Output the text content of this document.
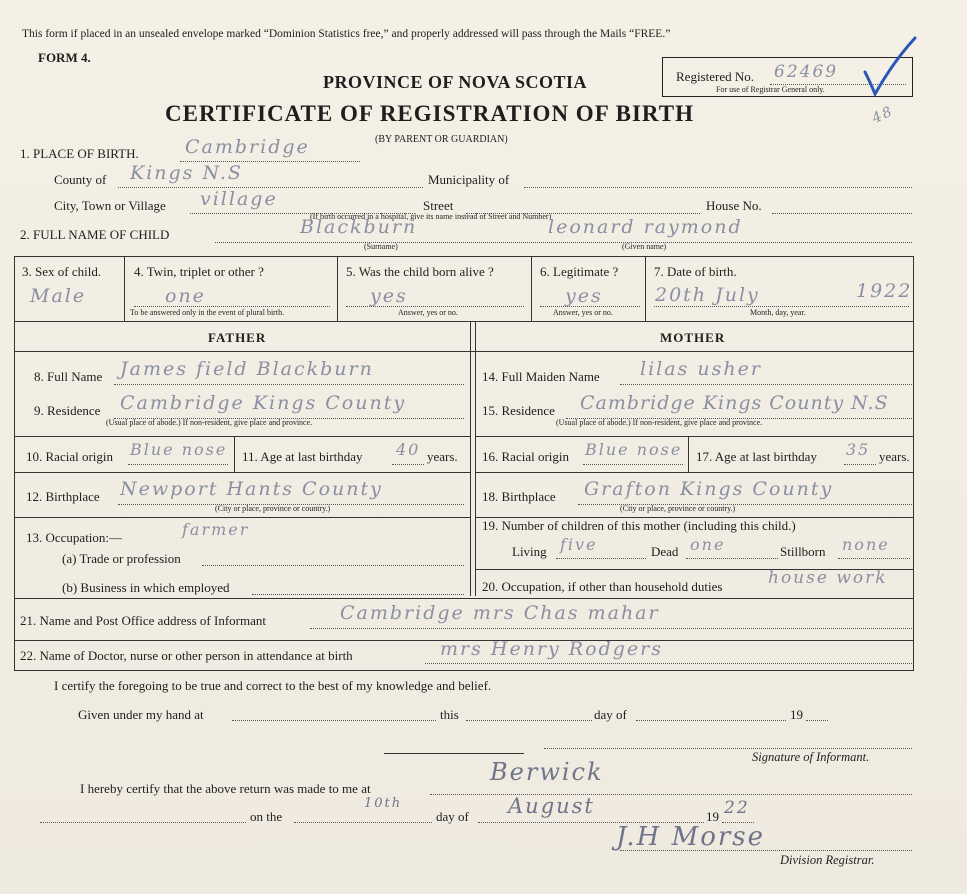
This form if placed in an unsealed envelope marked “Dominion Statistics free,” and properly addressed will pass through the Mails “FREE.”
FORM 4.
PROVINCE OF NOVA SCOTIA
CERTIFICATE OF REGISTRATION OF BIRTH
(BY PARENT OR GUARDIAN)
Registered No. 62469
For use of Registrar General only.
48
1. PLACE OF BIRTH. Cambridge
County of Kings N.S	Municipality of
City, Town or Village village	Street	House No.
(If birth occurred in a hospital, give its name instead of Street and Number)
2. FULL NAME OF CHILD	Blackburn	leonard raymond
(Surname)	(Given name)
3. Sex of child.
Male
4. Twin, triplet or other ?
one
To be answered only in the event of plural birth.
5. Was the child born alive ?
yes
Answer, yes or no.
6. Legitimate ?
yes
Answer, yes or no.
7. Date of birth.
20th July	1922
Month, day, year.
FATHER	MOTHER
8. Full Name James field Blackburn
9. Residence Cambridge Kings County
(Usual place of abode.) If non-resident, give place and province.
10. Racial origin Blue nose 11. Age at last birthday 40 years.
12. Birthplace Newport Hants County
(City or place, province or country.)
13. Occupation:—	farmer
(a) Trade or profession
(b) Business in which employed
14. Full Maiden Name lilas usher
15. Residence Cambridge Kings County N.S
(Usual place of abode.) If non-resident, give place and province.
16. Racial origin Blue nose 17. Age at last birthday 35 years.
18. Birthplace Grafton Kings County
(City or place, province or country.)
19. Number of children of this mother (including this child.)
Living five	Dead one	Stillborn none
20. Occupation, if other than household duties	house work
21. Name and Post Office address of Informant	Cambridge mrs Chas mahar
22. Name of Doctor, nurse or other person in attendance at birth	mrs Henry Rodgers
I certify the foregoing to be true and correct to the best of my knowledge and belief.
Given under my hand at	this	day of	19
Signature of Informant.
I hereby certify that the above return was made to me at
Berwick
on the
10th
day of August	19 22
J.H Morse
Division Registrar.
